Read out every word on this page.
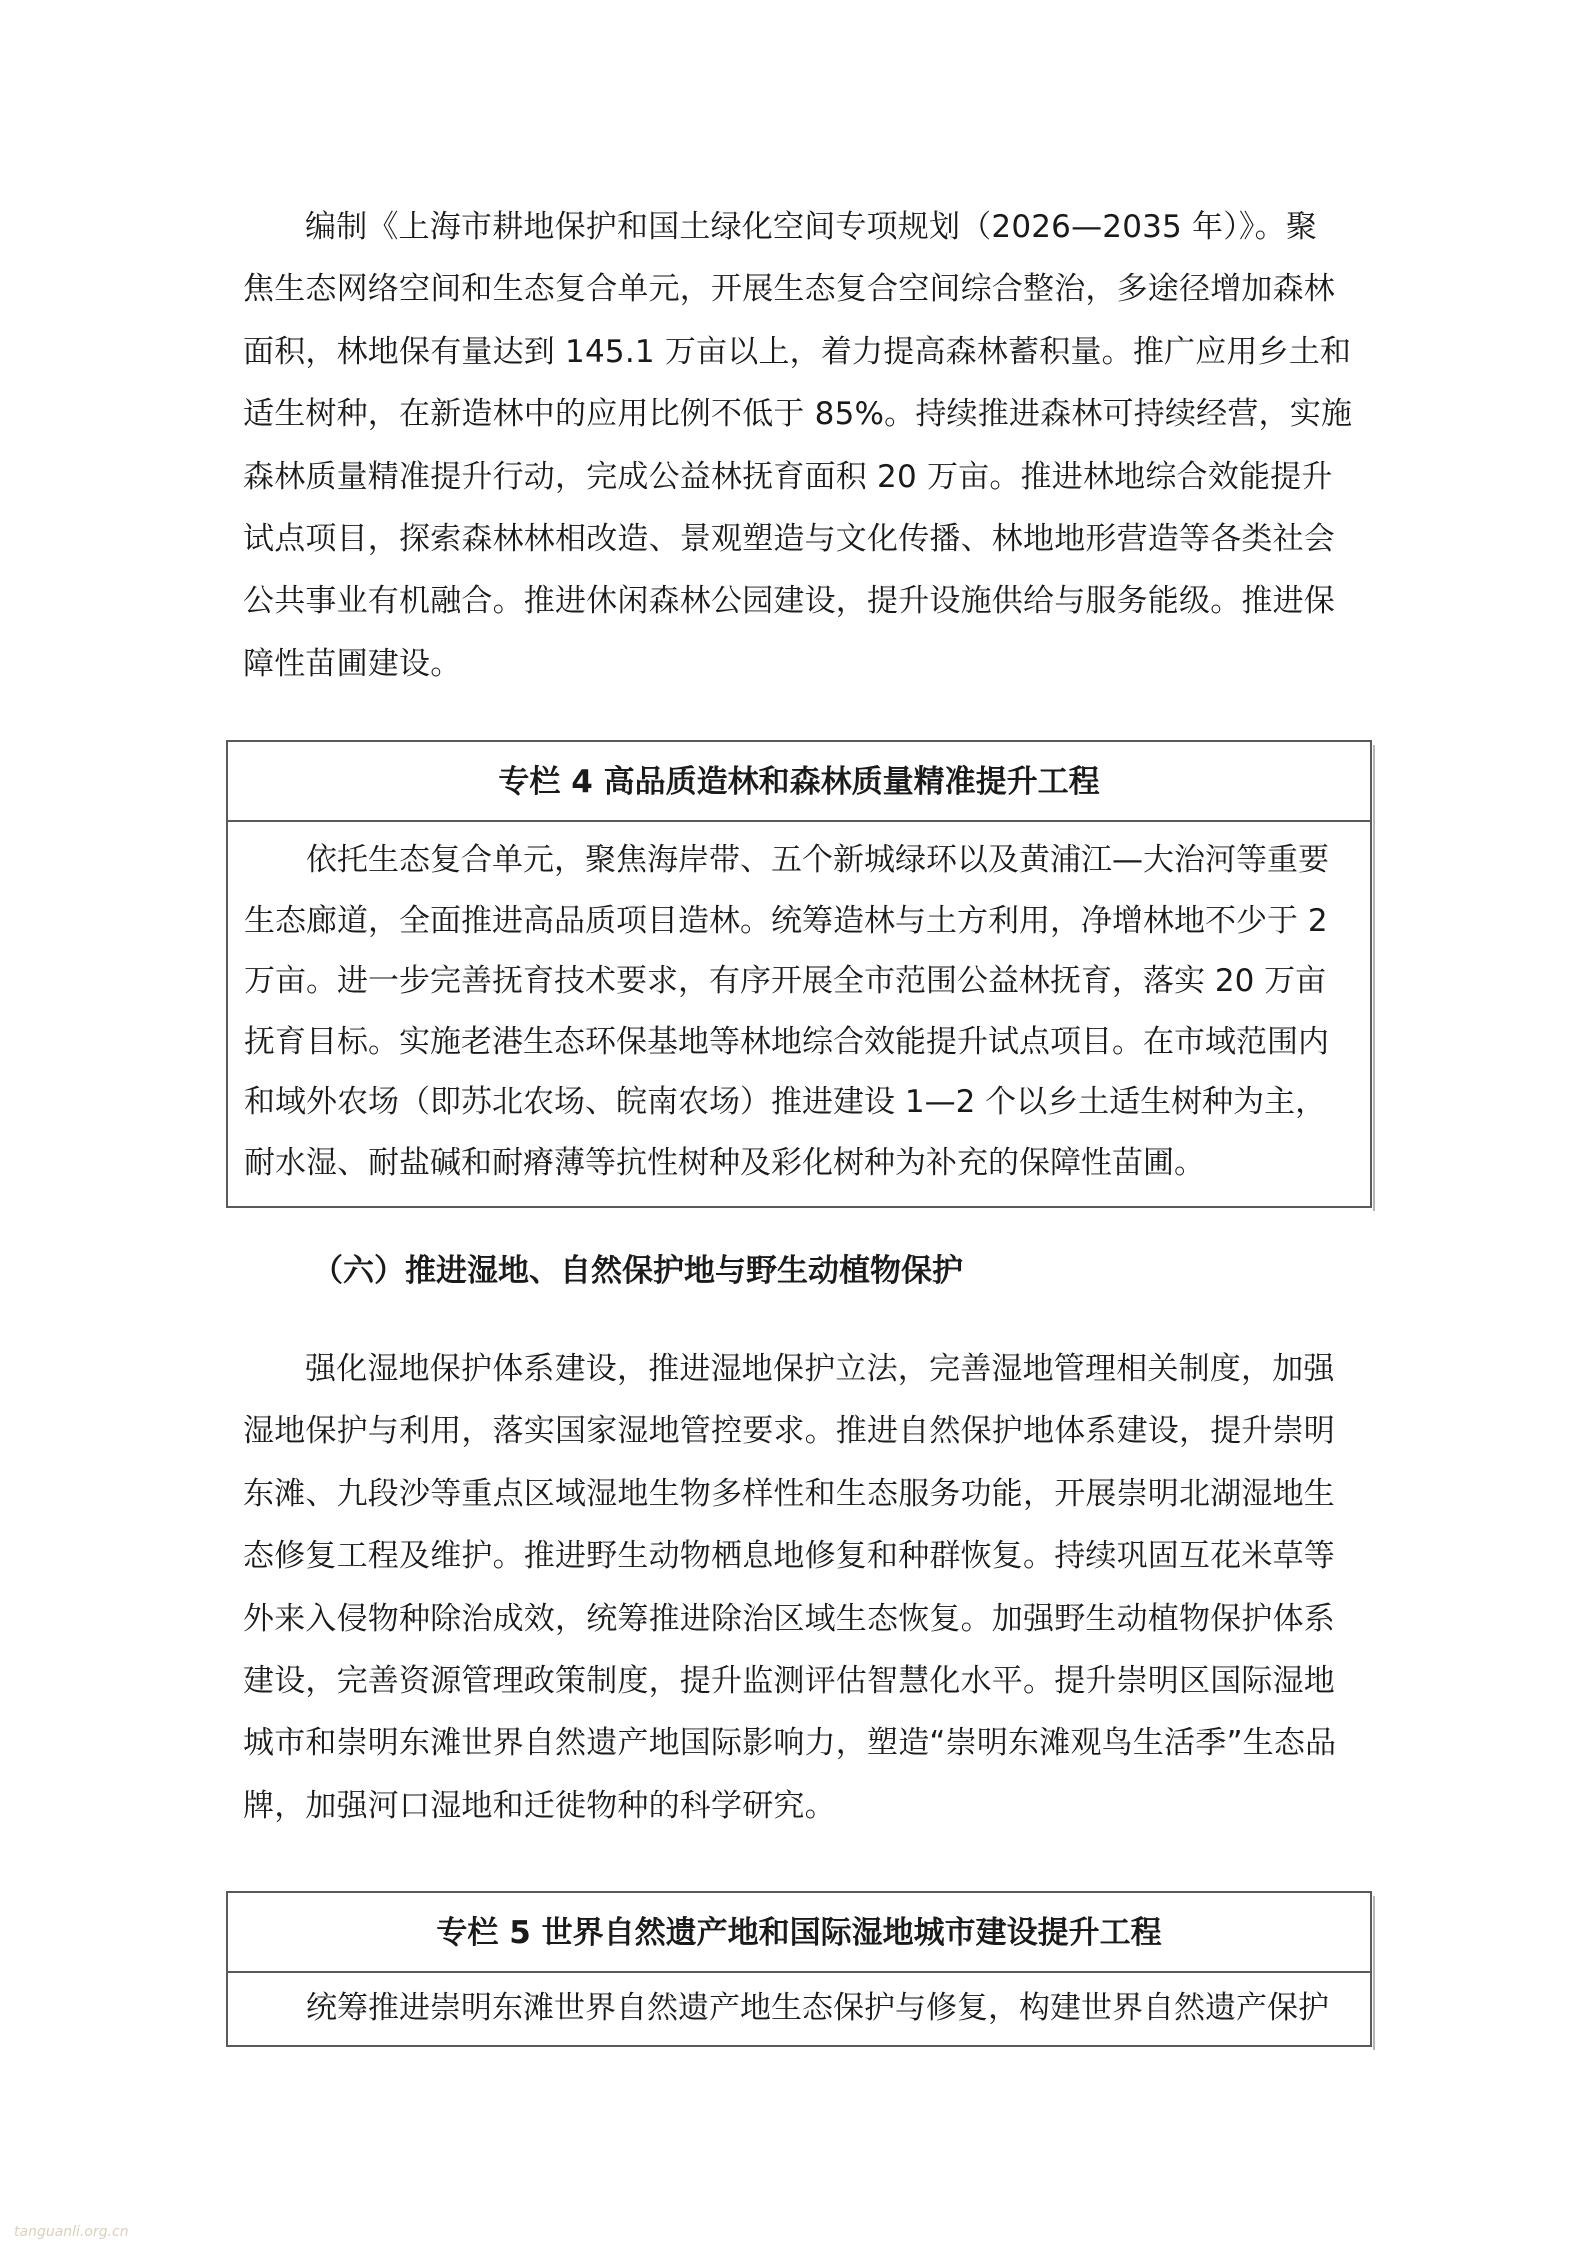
编制《上海市耕地保护和国土绿化空间专项规划（2026—2035 年）》。聚
焦生态网络空间和生态复合单元，开展生态复合空间综合整治，多途径增加森林
面积，林地保有量达到 145.1 万亩以上，着力提高森林蓄积量。推广应用乡土和
适生树种，在新造林中的应用比例不低于 85%。持续推进森林可持续经营，实施
森林质量精准提升行动，完成公益林抚育面积 20 万亩。推进林地综合效能提升
试点项目，探索森林林相改造、景观塑造与文化传播、林地地形营造等各类社会
公共事业有机融合。推进休闲森林公园建设，提升设施供给与服务能级。推进保
障性苗圃建设。
专栏 4 高品质造林和森林质量精准提升工程
依托生态复合单元，聚焦海岸带、五个新城绿环以及黄浦江—大治河等重要
生态廊道，全面推进高品质项目造林。统筹造林与土方利用，净增林地不少于 2
万亩。进一步完善抚育技术要求，有序开展全市范围公益林抚育，落实 20 万亩
抚育目标。实施老港生态环保基地等林地综合效能提升试点项目。在市域范围内
和域外农场（即苏北农场、皖南农场）推进建设 1—2 个以乡土适生树种为主，
耐水湿、耐盐碱和耐瘠薄等抗性树种及彩化树种为补充的保障性苗圃。
（六）推进湿地、自然保护地与野生动植物保护
强化湿地保护体系建设，推进湿地保护立法，完善湿地管理相关制度，加强
湿地保护与利用，落实国家湿地管控要求。推进自然保护地体系建设，提升崇明
东滩、九段沙等重点区域湿地生物多样性和生态服务功能，开展崇明北湖湿地生
态修复工程及维护。推进野生动物栖息地修复和种群恢复。持续巩固互花米草等
外来入侵物种除治成效，统筹推进除治区域生态恢复。加强野生动植物保护体系
建设，完善资源管理政策制度，提升监测评估智慧化水平。提升崇明区国际湿地
城市和崇明东滩世界自然遗产地国际影响力，塑造“崇明东滩观鸟生活季”生态品
牌，加强河口湿地和迁徙物种的科学研究。
专栏 5 世界自然遗产地和国际湿地城市建设提升工程
统筹推进崇明东滩世界自然遗产地生态保护与修复，构建世界自然遗产保护
tanguanli.org.cn
